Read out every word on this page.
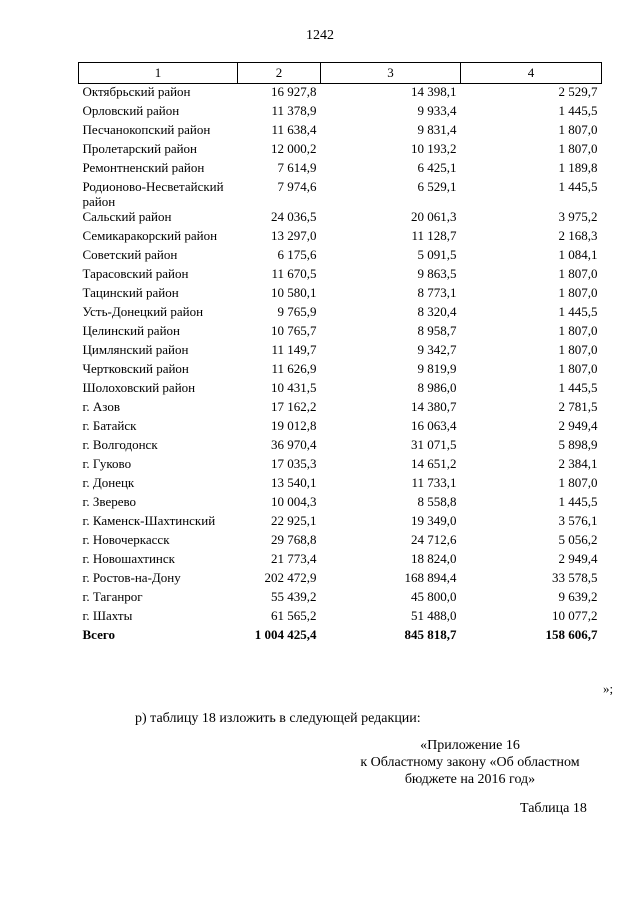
1242
1	2	3	4
Октябрьский район	16 927,8	14 398,1	2 529,7
Орловский район	11 378,9	9 933,4	1 445,5
Песчанокопский район	11 638,4	9 831,4	1 807,0
Пролетарский район	12 000,2	10 193,2	1 807,0
Ремонтненский район	7 614,9	6 425,1	1 189,8
Родионово-Несветайский район	7 974,6	6 529,1	1 445,5
Сальский район	24 036,5	20 061,3	3 975,2
Семикаракорский район	13 297,0	11 128,7	2 168,3
Советский район	6 175,6	5 091,5	1 084,1
Тарасовский район	11 670,5	9 863,5	1 807,0
Тацинский район	10 580,1	8 773,1	1 807,0
Усть-Донецкий район	9 765,9	8 320,4	1 445,5
Целинский район	10 765,7	8 958,7	1 807,0
Цимлянский район	11 149,7	9 342,7	1 807,0
Чертковский район	11 626,9	9 819,9	1 807,0
Шолоховский район	10 431,5	8 986,0	1 445,5
г. Азов	17 162,2	14 380,7	2 781,5
г. Батайск	19 012,8	16 063,4	2 949,4
г. Волгодонск	36 970,4	31 071,5	5 898,9
г. Гуково	17 035,3	14 651,2	2 384,1
г. Донецк	13 540,1	11 733,1	1 807,0
г. Зверево	10 004,3	8 558,8	1 445,5
г. Каменск-Шахтинский	22 925,1	19 349,0	3 576,1
г. Новочеркасск	29 768,8	24 712,6	5 056,2
г. Новошахтинск	21 773,4	18 824,0	2 949,4
г. Ростов-на-Дону	202 472,9	168 894,4	33 578,5
г. Таганрог	55 439,2	45 800,0	9 639,2
г. Шахты	61 565,2	51 488,0	10 077,2
Всего	1 004 425,4	845 818,7	158 606,7
»;
р) таблицу 18 изложить в следующей редакции:
«Приложение 16
к Областному закону «Об областном
бюджете на 2016 год»
Таблица 18
